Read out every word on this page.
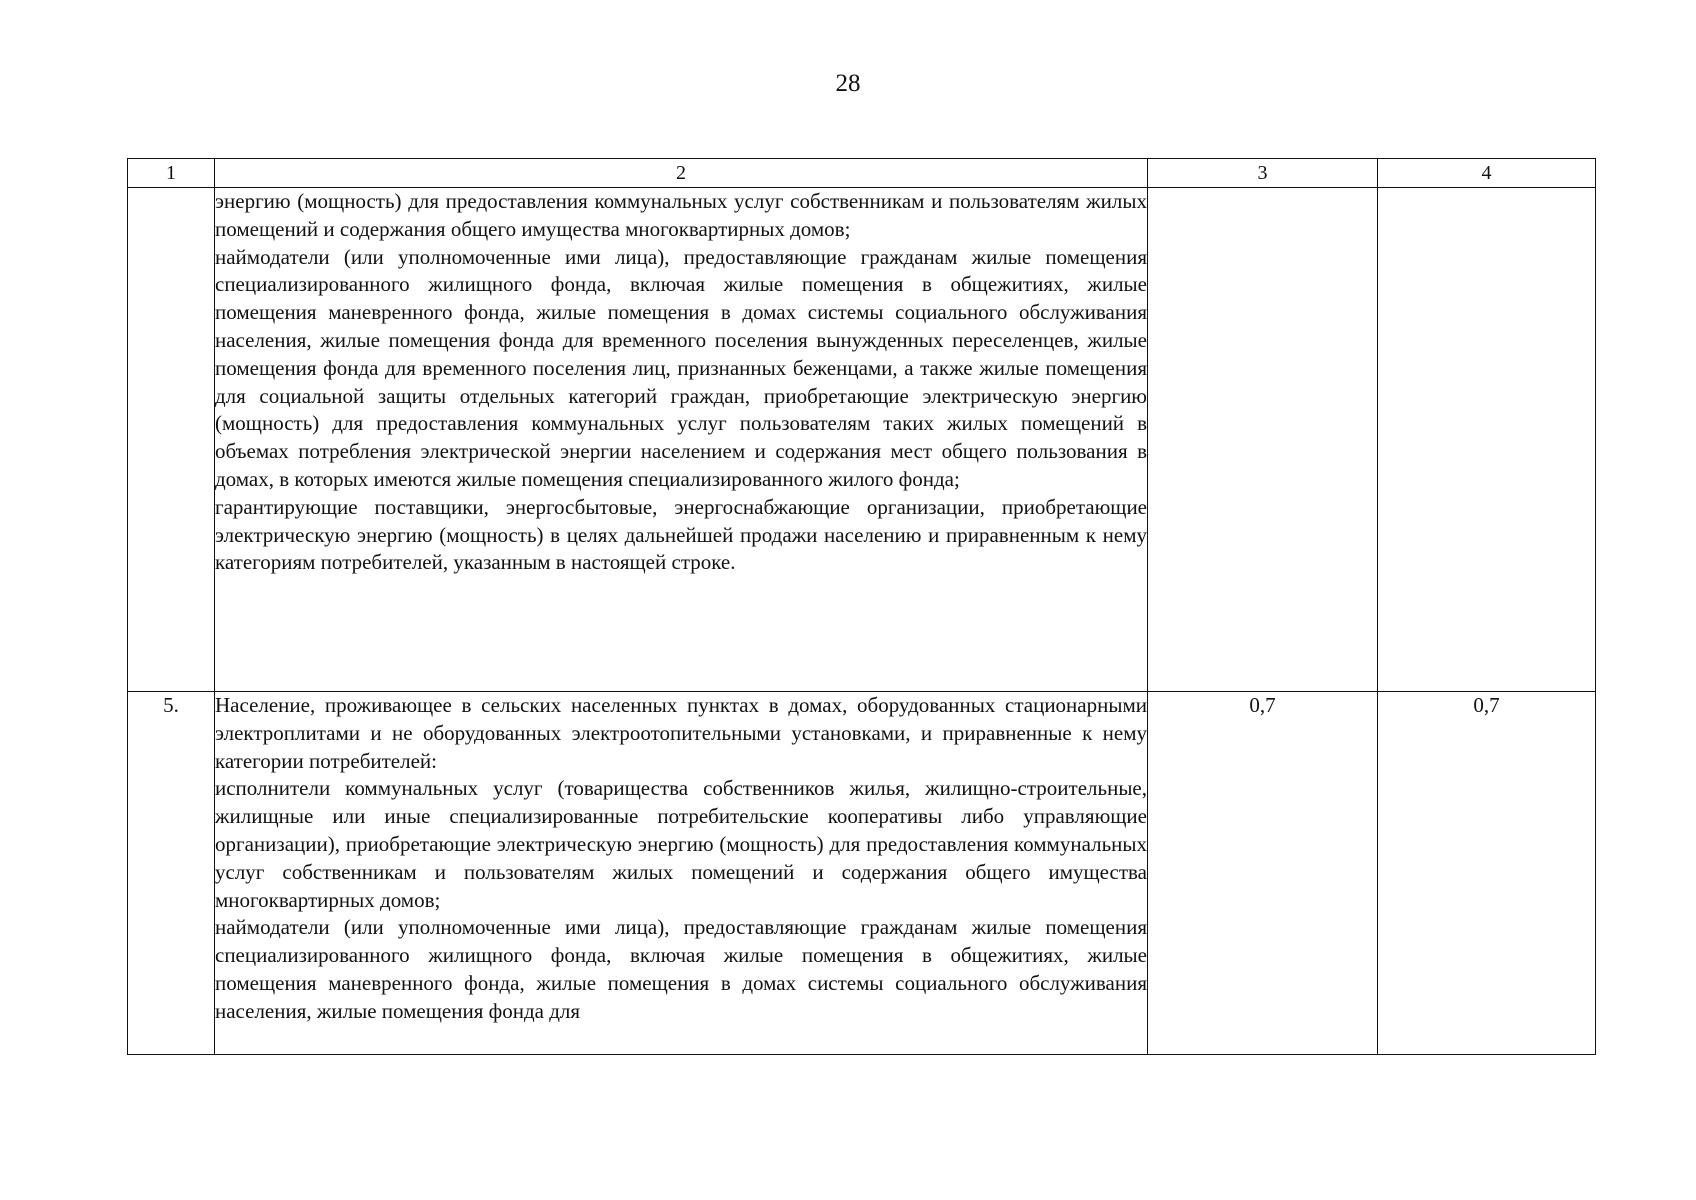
28
1	2	3	4

	энергию (мощность) для предоставления коммунальных услуг собственникам и пользователям жилых помещений и содержания общего имущества многоквартирных домов;

наймодатели (или уполномоченные ими лица), предоставляющие гражданам жилые помещения специализированного жилищного фонда, включая жилые помещения в общежитиях, жилые помещения маневренного фонда, жилые помещения в домах системы социального обслуживания населения, жилые помещения фонда для временного поселения вынужденных переселенцев, жилые помещения фонда для временного поселения лиц, признанных беженцами, а также жилые помещения для социальной защиты отдельных категорий граждан, приобретающие электрическую энергию (мощность) для предоставления коммунальных услуг пользователям таких жилых помещений в объемах потребления электрической энергии населением и содержания мест общего пользования в домах, в которых имеются жилые помещения специализированного жилого фонда;

гарантирующие поставщики, энергосбытовые, энергоснабжающие организации, приобретающие электрическую энергию (мощность) в целях дальнейшей продажи населению и приравненным к нему категориям потребителей, указанным в настоящей строке.		

5.	Население, проживающее в сельских населенных пунктах в домах, оборудованных стационарными электроплитами и не оборудованных электроотопительными установками, и приравненные к нему категории потребителей:

исполнители коммунальных услуг (товарищества собственников жилья, жилищно-строительные, жилищные или иные специализированные потребительские кооперативы либо управляющие организации), приобретающие электрическую энергию (мощность) для предоставления коммунальных услуг собственникам и пользователям жилых помещений и содержания общего имущества многоквартирных домов;

наймодатели (или уполномоченные ими лица), предоставляющие гражданам жилые помещения специализированного жилищного фонда, включая жилые помещения в общежитиях, жилые помещения маневренного фонда, жилые помещения в домах системы социального обслуживания населения, жилые помещения фонда для	0,7	0,7
